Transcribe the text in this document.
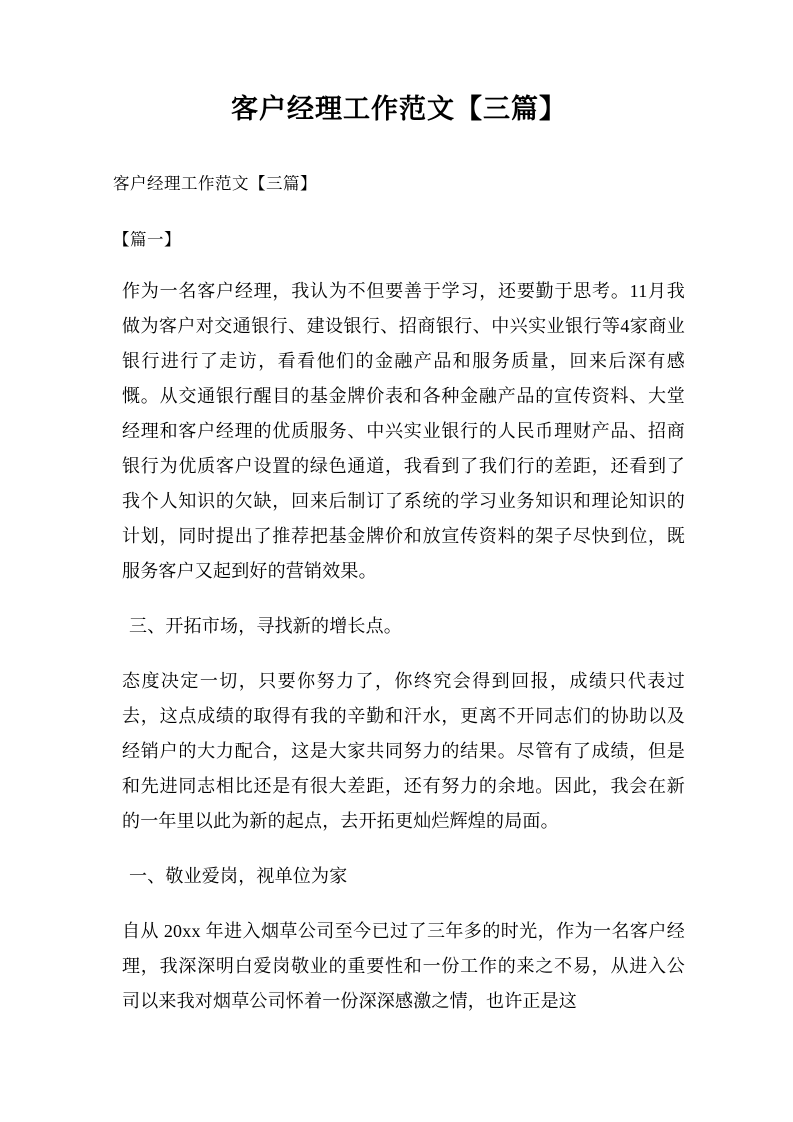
客户经理工作范文【三篇】
客户经理工作范文【三篇】
【篇一】

作为一名客户经理，我认为不但要善于学习，还要勤于思考。11月我做为客户对交通银行、建设银行、招商银行、中兴实业银行等4家商业银行进行了走访，看看他们的金融产品和服务质量，回来后深有感慨。从交通银行醒目的基金牌价表和各种金融产品的宣传资料、大堂经理和客户经理的优质服务、中兴实业银行的人民币理财产品、招商银行为优质客户设置的绿色通道，我看到了我们行的差距，还看到了我个人知识的欠缺，回来后制订了系统的学习业务知识和理论知识的计划，同时提出了推荐把基金牌价和放宣传资料的架子尽快到位，既服务客户又起到好的营销效果。

三、开拓市场，寻找新的增长点。

态度决定一切，只要你努力了，你终究会得到回报，成绩只代表过去，这点成绩的取得有我的辛勤和汗水，更离不开同志们的协助以及经销户的大力配合，这是大家共同努力的结果。尽管有了成绩，但是和先进同志相比还是有很大差距，还有努力的余地。因此，我会在新的一年里以此为新的起点，去开拓更灿烂辉煌的局面。

一、敬业爱岗，视单位为家

自从 20xx 年进入烟草公司至今已过了三年多的时光，作为一名客户经理，我深深明白爱岗敬业的重要性和一份工作的来之不易，从进入公司以来我对烟草公司怀着一份深深感激之情，也许正是这
